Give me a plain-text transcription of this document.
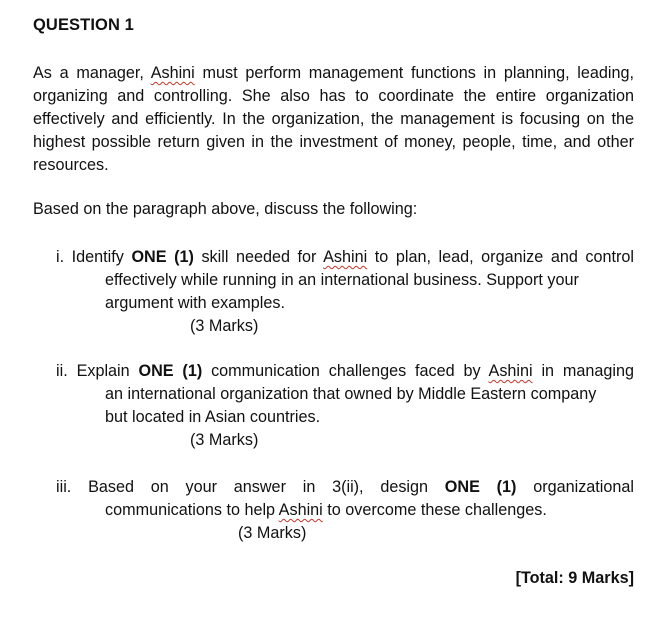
QUESTION 1

As a manager, Ashini must perform management functions in planning, leading, organizing and controlling. She also has to coordinate the entire organization effectively and efficiently. In the organization, the management is focusing on the highest possible return given in the investment of money, people, time, and other resources.

Based on the paragraph above, discuss the following:
i. Identify ONE (1) skill needed for Ashini to plan, lead, organize and control
effectively while running in an international business. Support your
argument with examples.
(3 Marks)
ii. Explain ONE (1) communication challenges faced by Ashini in managing
an international organization that owned by Middle Eastern company
but located in Asian countries.
(3 Marks)
iii. Based on your answer in 3(ii), design ONE (1) organizational
communications to help Ashini to overcome these challenges.
(3 Marks)
[Total: 9 Marks]
